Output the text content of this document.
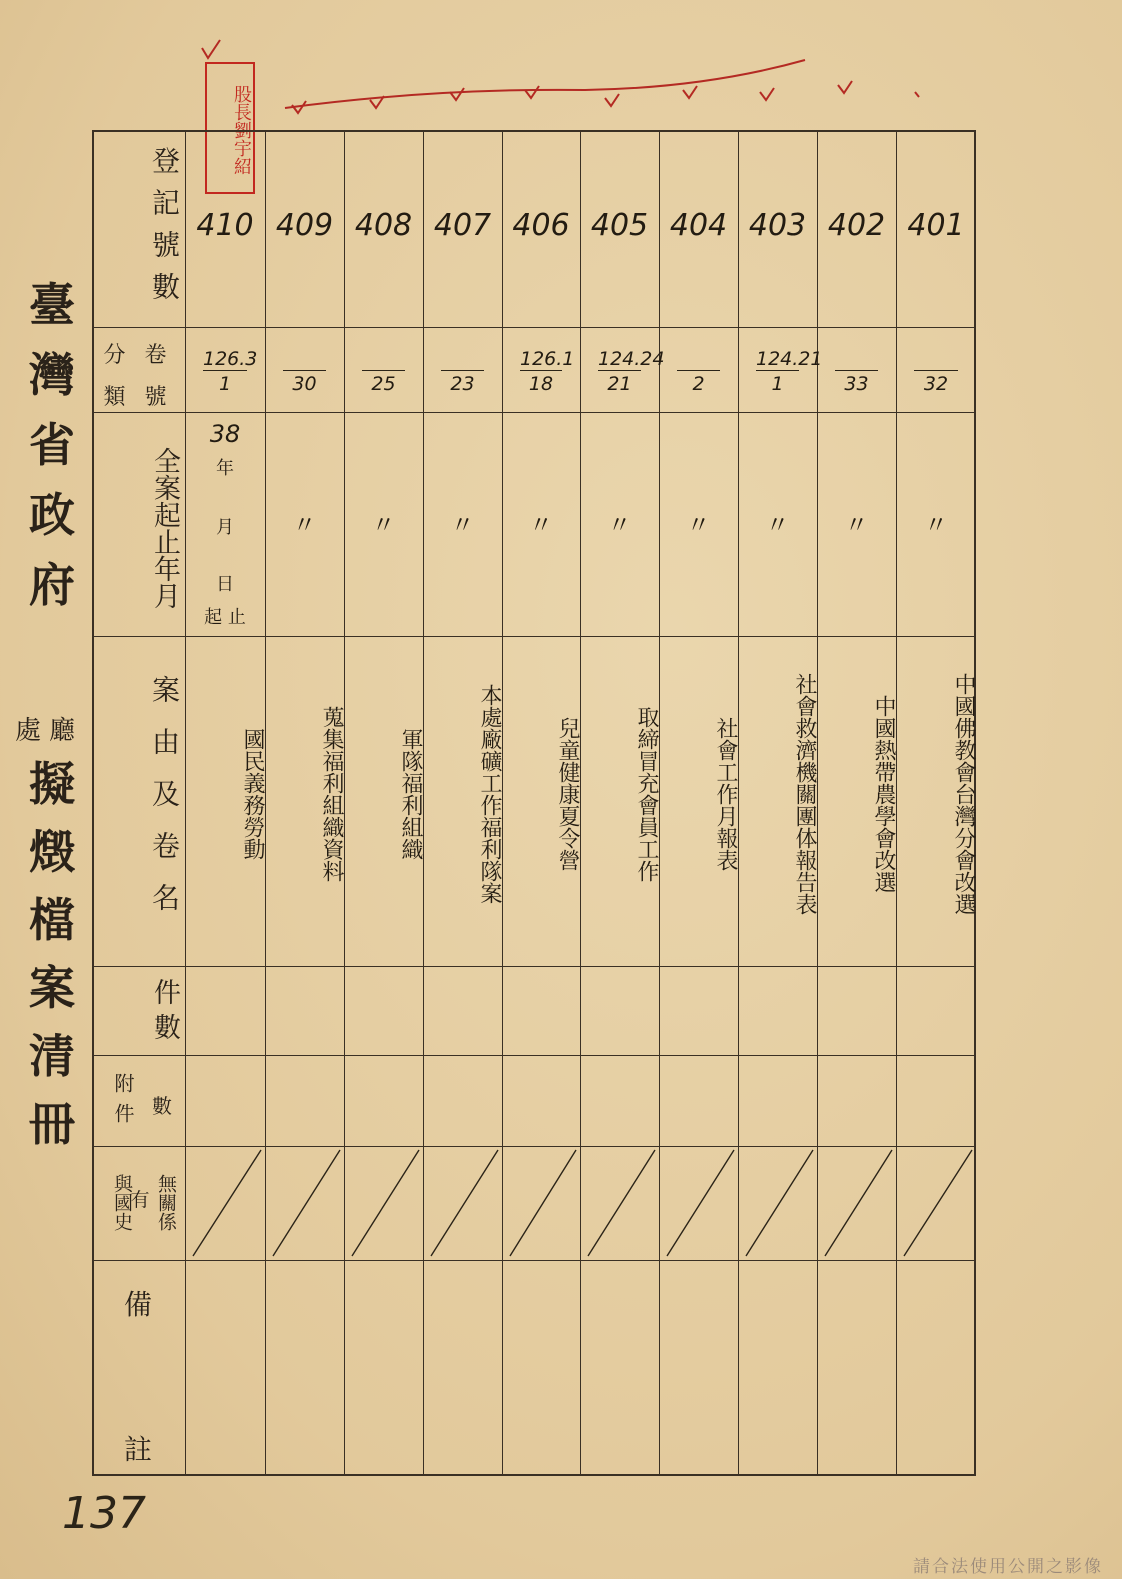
臺
灣
省
政
府
處廳
擬
燬
檔
案
清
冊
股長劉宇紹
登記號數
分 卷
類 號
全案起止年月
案由及卷名
件數
附件 數
無關係
有
與國史
備
註
38
年
月
日
起 止
410
126.3
1
國民義務勞動
409

30
〃
蒐集福利組織資料
408

25
〃
軍隊福利組織
407

23
〃
本處廠礦工作福利隊案
406
126.1
18
〃
兒童健康夏令營
405
124.24
21
〃
取締冒充會員工作
404

2
〃
社會工作月報表
403
124.21
1
〃
社會救濟機關團体報告表
402

33
〃
中國熱帶農學會改選
401

32
〃
中國佛教會台灣分會改選
137
請合法使用公開之影像
